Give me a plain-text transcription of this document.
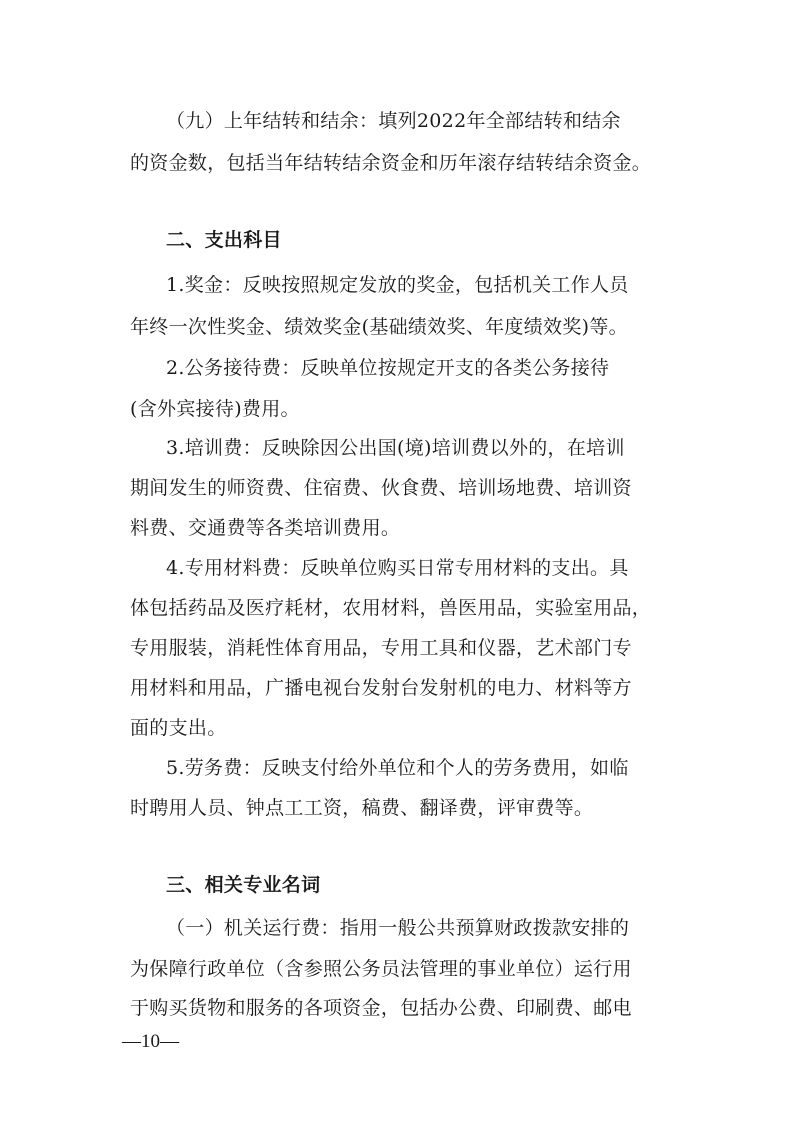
（九）上年结转和结余：填列2022年全部结转和结余
的资金数，包括当年结转结余资金和历年滚存结转结余资金。
二、支出科目
1.奖金：反映按照规定发放的奖金，包括机关工作人员
年终一次性奖金、绩效奖金(基础绩效奖、年度绩效奖)等。
2.公务接待费：反映单位按规定开支的各类公务接待
(含外宾接待)费用。
3.培训费：反映除因公出国(境)培训费以外的，在培训
期间发生的师资费、住宿费、伙食费、培训场地费、培训资
料费、交通费等各类培训费用。
4.专用材料费：反映单位购买日常专用材料的支出。具
体包括药品及医疗耗材，农用材料，兽医用品，实验室用品，
专用服装，消耗性体育用品，专用工具和仪器，艺术部门专
用材料和用品，广播电视台发射台发射机的电力、材料等方
面的支出。
5.劳务费：反映支付给外单位和个人的劳务费用，如临
时聘用人员、钟点工工资，稿费、翻译费，评审费等。
三、相关专业名词
（一）机关运行费：指用一般公共预算财政拨款安排的
为保障行政单位（含参照公务员法管理的事业单位）运行用
于购买货物和服务的各项资金，包括办公费、印刷费、邮电
—10—
